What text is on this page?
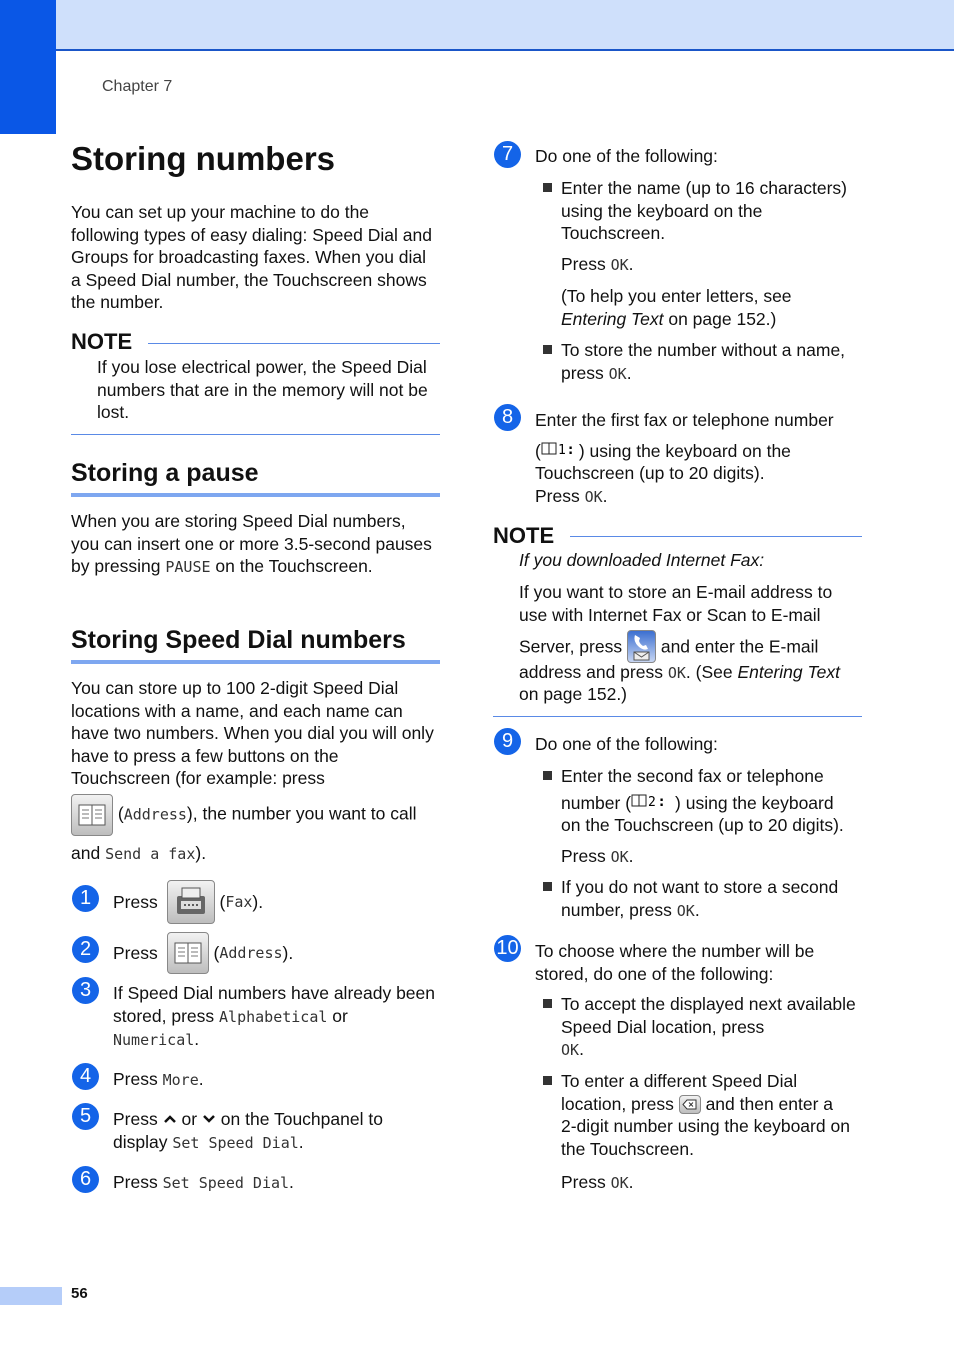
Chapter 7
Storing numbers
You can set up your machine to do the following types of easy dialing: Speed Dial and Groups for broadcasting faxes. When you dial a Speed Dial number, the Touchscreen shows the number.
NOTE
If you lose electrical power, the Speed Dial numbers that are in the memory will not be lost.
Storing a pause
When you are storing Speed Dial numbers, you can insert one or more 3.5-second pauses by pressing PAUSE on the Touchscreen.
Storing Speed Dial numbers
You can store up to 100 2-digit Speed Dial locations with a name, and each name can have two numbers. When you dial you will only have to press a few buttons on the Touchscreen (for example: press
(Address), the number you want to call
and Send a fax).
1	Press	(Fax).
2	Press	(Address).
3	If Speed Dial numbers have already been stored, press Alphabetical or
Numerical.
4	Press More.
5	Press  or  on the Touchpanel to
display Set Speed Dial.
6	Press Set Speed Dial.
7	Do one of the following:
Enter the name (up to 16 characters) using the keyboard on the Touchscreen.
Press OK.
(To help you enter letters, see Entering Text on page 152.)
To store the number without a name, press OK.
8	Enter the first fax or telephone number
( 1 : ) using the keyboard on the
Touchscreen (up to 20 digits).
Press OK.
NOTE
If you downloaded Internet Fax:
If you want to store an E-mail address to use with Internet Fax or Scan to E-mail
Server, press  and enter the E-mail
address and press OK. (See Entering Text
on page 152.)
9	Do one of the following:
Enter the second fax or telephone
number ( 2 : ) using the keyboard
on the Touchscreen (up to 20 digits).
Press OK.
If you do not want to store a second number, press OK.
10 To choose where the number will be stored, do one of the following:
To accept the displayed next available Speed Dial location, press
OK.
To enter a different Speed Dial
location, press  and then enter a
2-digit number using the keyboard on the Touchscreen.
Press OK.
56
